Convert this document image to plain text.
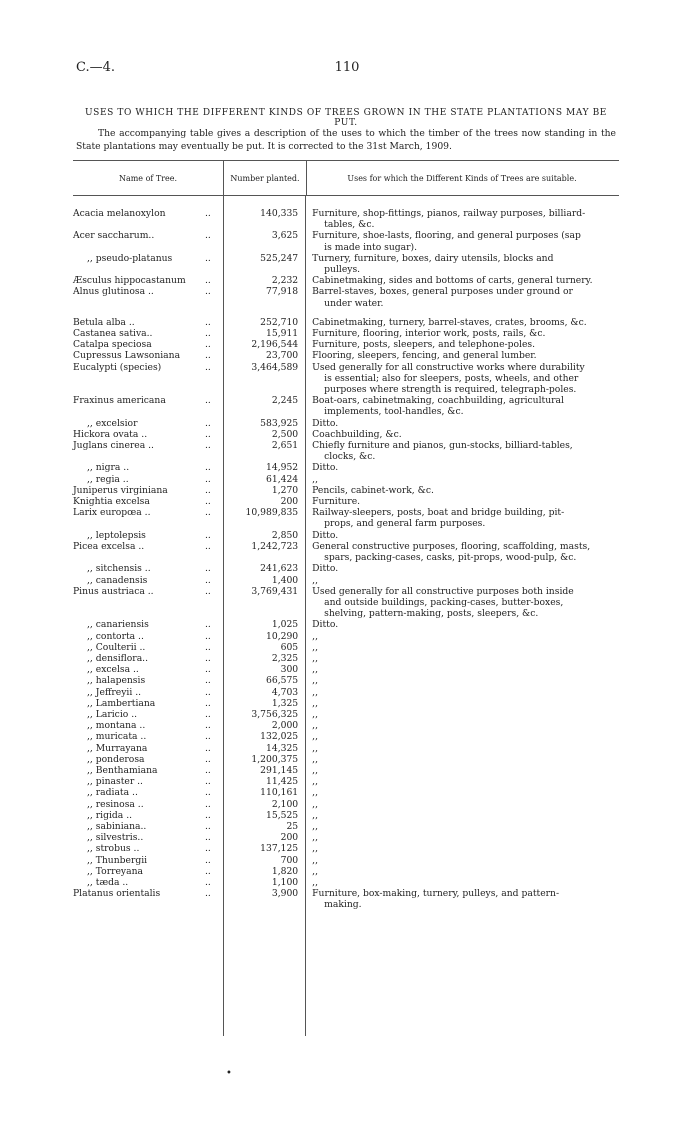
C.—4.	110
USES TO WHICH THE DIFFERENT KINDS OF TREES GROWN IN THE STATE PLANTATIONS MAY BE PUT.

The accompanying table gives a description of the uses to which the timber of the trees now standing in the State plantations may eventually be put. It is corrected to the 31st March, 1909.

Name of Tree.	Number planted.	Uses for which the Different Kinds of Trees are suitable.
Acacia melanoxylon	..	140,335	Furniture, shop-fittings, pianos, railway purposes, billiard-
tables, &c.
Acer saccharum..	..	3,625	Furniture, shoe-lasts, flooring, and general purposes (sap
is made into sugar).
,, pseudo-platanus	..	525,247	Turnery, furniture, boxes, dairy utensils, blocks and
pulleys.
Æsculus hippocastanum ..	2,232	Cabinetmaking, sides and bottoms of carts, general turnery.
Alnus glutinosa ..	..	77,918	Barrel-staves, boxes, general purposes under ground or
under water.
Betula alba ..	..	252,710	Cabinetmaking, turnery, barrel-staves, crates, brooms, &c.
Castanea sativa..	..	15,911	Furniture, flooring, interior work, posts, rails, &c.
Catalpa speciosa	..	2,196,544	Furniture, posts, sleepers, and telephone-poles.
Cupressus Lawsoniana	..	23,700	Flooring, sleepers, fencing, and general lumber.
Eucalypti (species)	..	3,464,589	Used generally for all constructive works where durability
is essential; also for sleepers, posts, wheels, and other
purposes where strength is required, telegraph-poles.
Fraxinus americana	..	2,245	Boat-oars, cabinetmaking, coachbuilding, agricultural
implements, tool-handles, &c.
,, excelsior	..	583,925	Ditto.
Hickora ovata ..	..	2,500	Coachbuilding, &c.
Juglans cinerea ..	..	2,651	Chiefly furniture and pianos, gun-stocks, billiard-tables,
clocks, &c.
,, nigra ..	..	14,952	Ditto.
,, regia ..	..	61,424	,,
Juniperus virginiana	..	1,270	Pencils, cabinet-work, &c.
Knightia excelsa	..	200	Furniture.
Larix europœa ..	..	10,989,835	Railway-sleepers, posts, boat and bridge building, pit-
props, and general farm purposes.
,, leptolepsis	..	2,850	Ditto.
Picea excelsa ..	..	1,242,723	General constructive purposes, flooring, scaffolding, masts,
spars, packing-cases, casks, pit-props, wood-pulp, &c.
,, sitchensis ..	..	241,623	Ditto.
,, canadensis	..	1,400	,,
Pinus austriaca ..	..	3,769,431	Used generally for all constructive purposes both inside
and outside buildings, packing-cases, butter-boxes,
shelving, pattern-making, posts, sleepers, &c.
,, canariensis	..	1,025	Ditto.
,, contorta ..	..	10,290	,,
,, Coulterii ..	..	605	,,
,, densiflora..	..	2,325	,,
,, excelsa ..	..	300	,,
,, halapensis	..	66,575	,,
,, Jeffreyii ..	..	4,703	,,
,, Lambertiana	..	1,325	,,
,, Laricio ..	..	3,756,325	,,
,, montana ..	..	2,000	,,
,, muricata ..	..	132,025	,,
,, Murrayana	..	14,325	,,
,, ponderosa	..	1,200,375	,,
,, Benthamiana	..	291,145	,,
,, pinaster ..	..	11,425	,,
,, radiata ..	..	110,161	,,
,, resinosa ..	..	2,100	,,
,, rigida ..	..	15,525	,,
,, sabiniana..	..	25	,,
,, silvestris..	..	200	,,
,, strobus ..	..	137,125	,,
,, Thunbergii	..	700	,,
,, Torreyana	..	1,820	,,
,, tæda ..	..	1,100	,,
Platanus orientalis	..	3,900	Furniture, box-making, turnery, pulleys, and pattern-
making.
•
